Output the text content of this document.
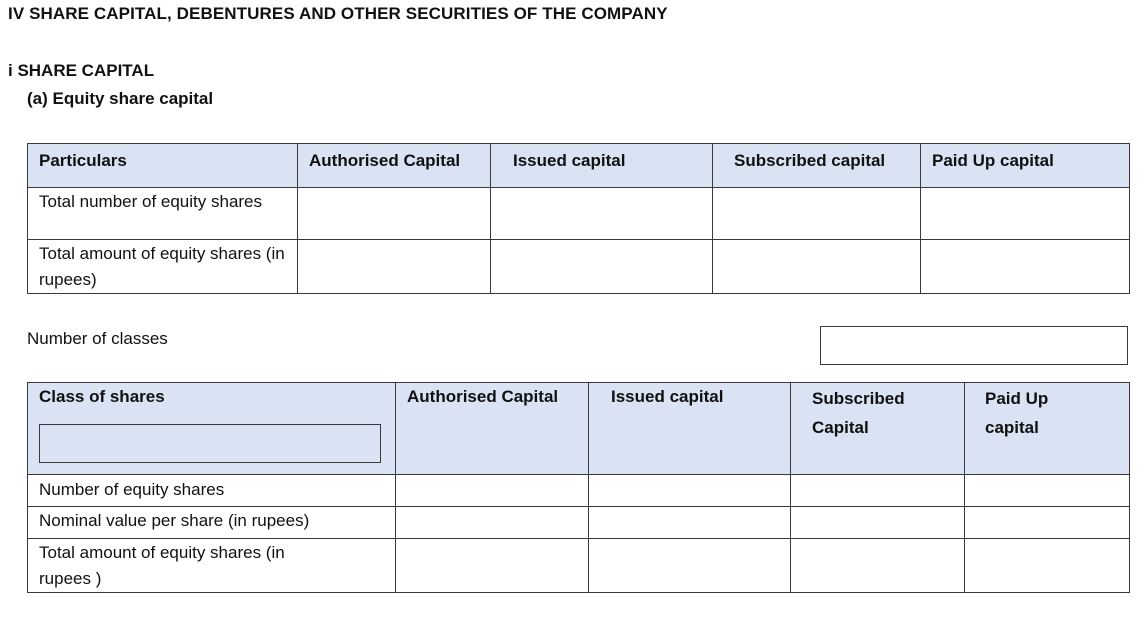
IV SHARE CAPITAL, DEBENTURES AND OTHER SECURITIES OF THE COMPANY
i SHARE CAPITAL
(a) Equity share capital
Particulars	Authorised Capital	Issued capital	Subscribed capital	Paid Up capital

Total number of equity shares				

Total amount of equity shares (in rupees)				

Number of classes
Class of shares	Authorised Capital	Issued capital	Subscribed Capital	Paid Up capital

Number of equity shares				

Nominal value per share (in rupees)				

Total amount of equity shares (in rupees )				
